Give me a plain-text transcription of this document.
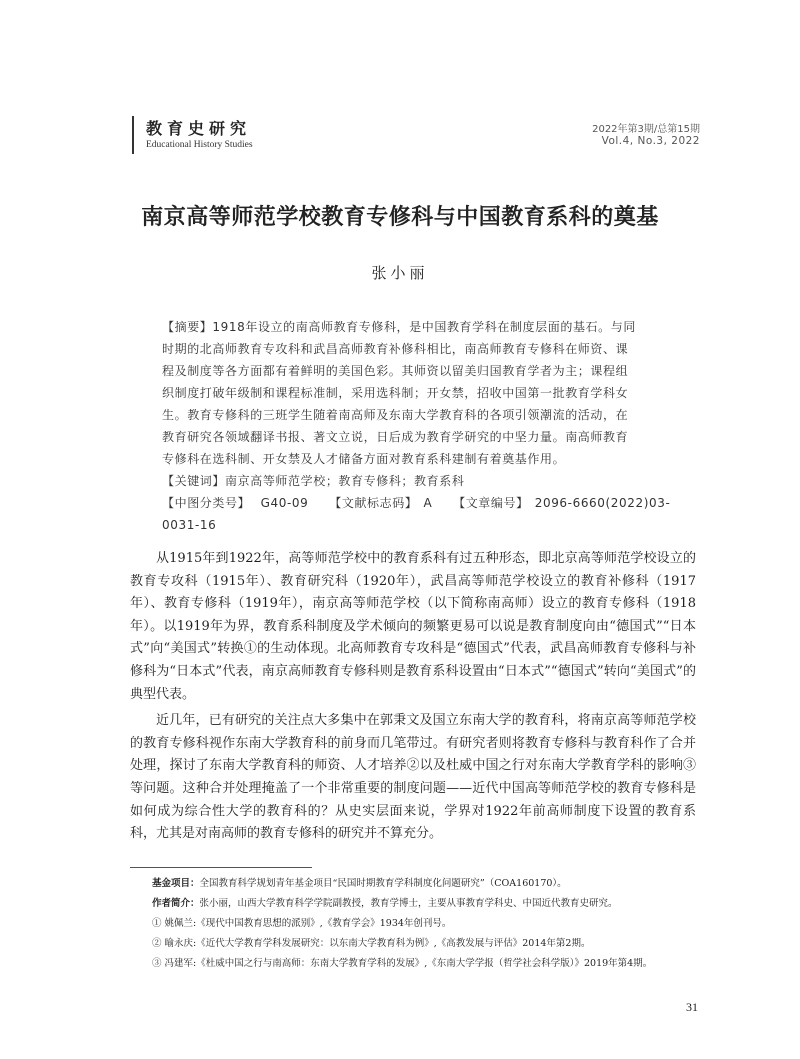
教育史研究
Educational History Studies
2022年第3期/总第15期
Vol.4, No.3, 2022
南京高等师范学校教育专修科与中国教育系科的奠基
张小丽
【摘要】1918年设立的南高师教育专修科，是中国教育学科在制度层面的基石。与同
时期的北高师教育专攻科和武昌高师教育补修科相比，南高师教育专修科在师资、课
程及制度等各方面都有着鲜明的美国色彩。其师资以留美归国教育学者为主；课程组
织制度打破年级制和课程标准制，采用选科制；开女禁，招收中国第一批教育学科女
生。教育专修科的三班学生随着南高师及东南大学教育科的各项引领潮流的活动，在
教育研究各领域翻译书报、著文立说，日后成为教育学研究的中坚力量。南高师教育
专修科在选科制、开女禁及人才储备方面对教育系科建制有着奠基作用。
【关键词】南京高等师范学校；教育专修科；教育系科
【中图分类号】 G40-09 【文献标志码】 A 【文章编号】 2096-6660(2022)03-0031-16

从1915年到1922年，高等师范学校中的教育系科有过五种形态，即北京高等师范学校设立的教育专攻科（1915年）、教育研究科（1920年），武昌高等师范学校设立的教育补修科（1917年）、教育专修科（1919年），南京高等师范学校（以下简称南高师）设立的教育专修科（1918年）。以1919年为界，教育系科制度及学术倾向的频繁更易可以说是教育制度向由“德国式”“日本式”向“美国式”转换①的生动体现。北高师教育专攻科是“德国式”代表，武昌高师教育专修科与补修科为“日本式”代表，南京高师教育专修科则是教育系科设置由“日本式”“德国式”转向“美国式”的典型代表。

近几年，已有研究的关注点大多集中在郭秉文及国立东南大学的教育科，将南京高等师范学校的教育专修科视作东南大学教育科的前身而几笔带过。有研究者则将教育专修科与教育科作了合并处理，探讨了东南大学教育科的师资、人才培养②以及杜威中国之行对东南大学教育学科的影响③等问题。这种合并处理掩盖了一个非常重要的制度问题——近代中国高等师范学校的教育专修科是如何成为综合性大学的教育科的？从史实层面来说，学界对1922年前高师制度下设置的教育系科，尤其是对南高师的教育专修科的研究并不算充分。

基金项目：全国教育科学规划青年基金项目“民国时期教育学科制度化问题研究”（COA160170）。
作者简介：张小丽，山西大学教育科学学院副教授，教育学博士，主要从事教育学科史、中国近代教育史研究。
① 姚佩兰:《现代中国教育思想的派别》,《教育学会》1934年创刊号。
② 喻永庆:《近代大学教育学科发展研究：以东南大学教育科为例》,《高教发展与评估》2014年第2期。
③ 冯建军:《杜威中国之行与南高师：东南大学教育学科的发展》,《东南大学学报（哲学社会科学版）》2019年第4期。
31
